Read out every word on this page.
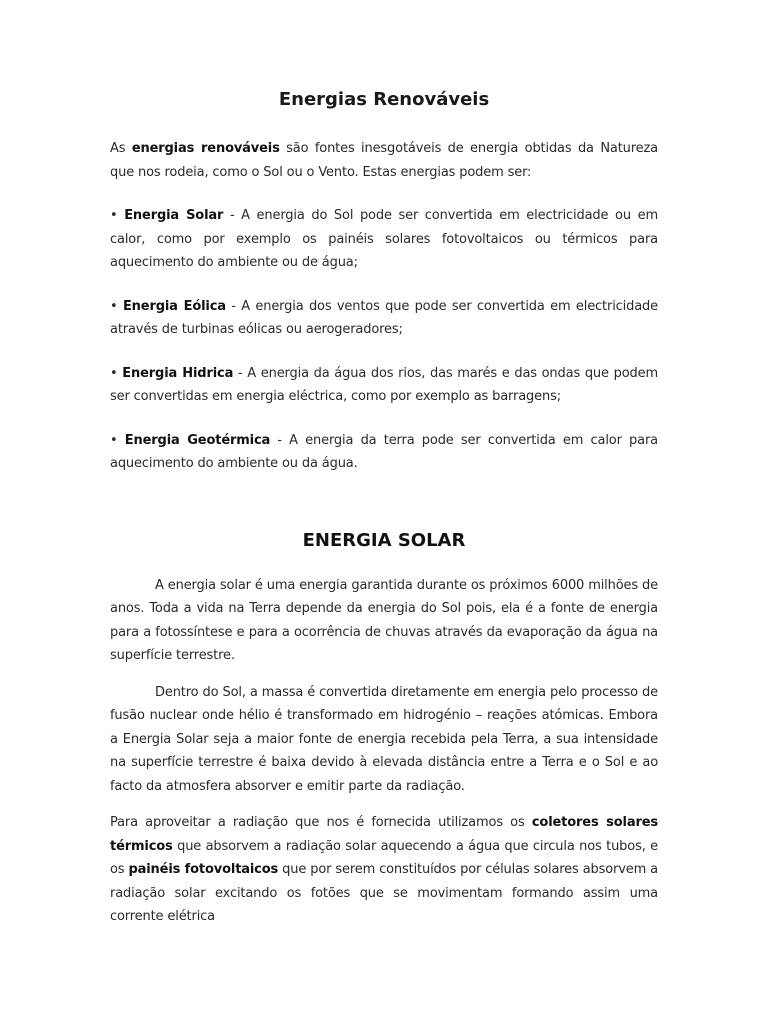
Energias Renováveis

As energias renováveis são fontes inesgotáveis de energia obtidas da Natureza que nos rodeia, como o Sol ou o Vento. Estas energias podem ser:

• Energia Solar - A energia do Sol pode ser convertida em electricidade ou em calor, como por exemplo os painéis solares fotovoltaicos ou térmicos para aquecimento do ambiente ou de água;

• Energia Eólica - A energia dos ventos que pode ser convertida em electricidade através de turbinas eólicas ou aerogeradores;

• Energia Hidrica - A energia da água dos rios, das marés e das ondas que podem ser convertidas em energia eléctrica, como por exemplo as barragens;

• Energia Geotérmica - A energia da terra pode ser convertida em calor para aquecimento do ambiente ou da água.

ENERGIA SOLAR

A energia solar é uma energia garantida durante os próximos 6000 milhões de anos. Toda a vida na Terra depende da energia do Sol pois, ela é a fonte de energia para a fotossíntese e para a ocorrência de chuvas através da evaporação da água na superfície terrestre.

Dentro do Sol, a massa é convertida diretamente em energia pelo processo de fusão nuclear onde hélio é transformado em hidrogénio – reações atómicas. Embora a Energia Solar seja a maior fonte de energia recebida pela Terra, a sua intensidade na superfície terrestre é baixa devido à elevada distância entre a Terra e o Sol e ao facto da atmosfera absorver e emitir parte da radiação.

Para aproveitar a radiação que nos é fornecida utilizamos os coletores solares térmicos que absorvem a radiação solar aquecendo a água que circula nos tubos, e os painéis fotovoltaicos que por serem constituídos por células solares absorvem a radiação solar excitando os fotões que se movimentam formando assim uma corrente elétrica
